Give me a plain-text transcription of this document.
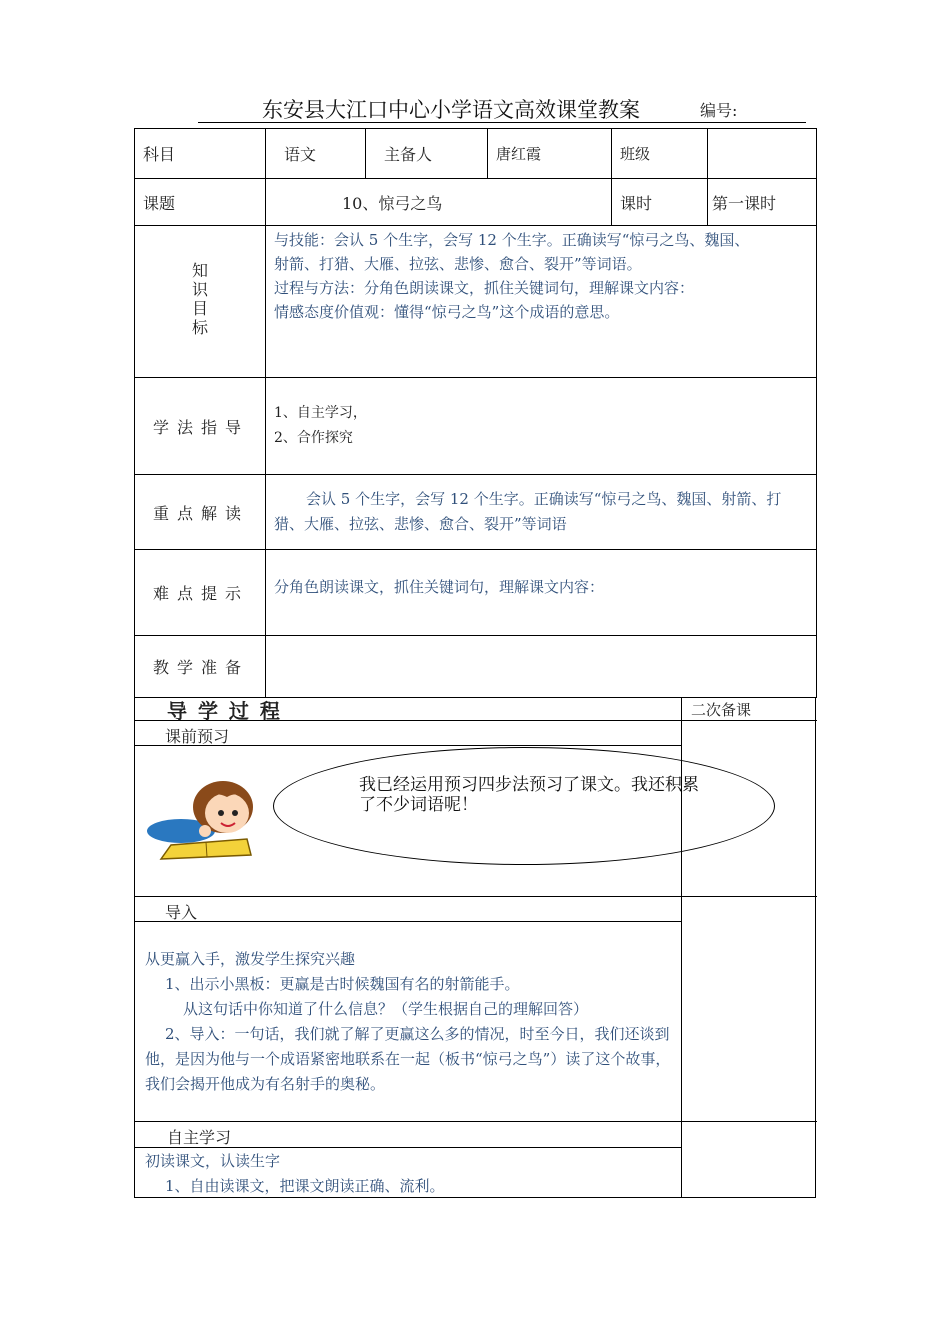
东安县大江口中心小学语文高效课堂教案	编号:
科目	语文	主备人	唐红霞	班级	
课题	10、惊弓之鸟			课时	第一课时

知识目标	与技能：会认 5 个生字，会写 12 个生字。正确读写“惊弓之鸟、魏国、
射箭、打猎、大雁、拉弦、悲惨、愈合、裂开”等词语。
过程与方法：分角色朗读课文，抓住关键词句，理解课文内容：
情感态度价值观：懂得“惊弓之鸟”这个成语的意思。				

学法指导	1、自主学习，
2、合作探究				

重点解读	会认 5 个生字，会写 12 个生字。正确读写“惊弓之鸟、魏国、射箭、打猎、大雁、拉弦、悲惨、愈合、裂开”等词语				
难点提示	分角色朗读课文，抓住关键词句，理解课文内容：				
教学准备					
导 学 过 程	二次备课
课前预习
我已经运用预习四步法预习了课文。我还积累了不少词语呢！
导入
从更赢入手，激发学生探究兴趣
1、出示小黑板：更赢是古时候魏国有名的射箭能手。
从这句话中你知道了什么信息？（学生根据自己的理解回答）
2、导入：一句话，我们就了解了更赢这么多的情况，时至今日，我们还谈到他，是因为他与一个成语紧密地联系在一起（板书“惊弓之鸟”）读了这个故事，我们会揭开他成为有名射手的奥秘。
自主学习
初读课文，认读生字
1、自由读课文，把课文朗读正确、流利。
